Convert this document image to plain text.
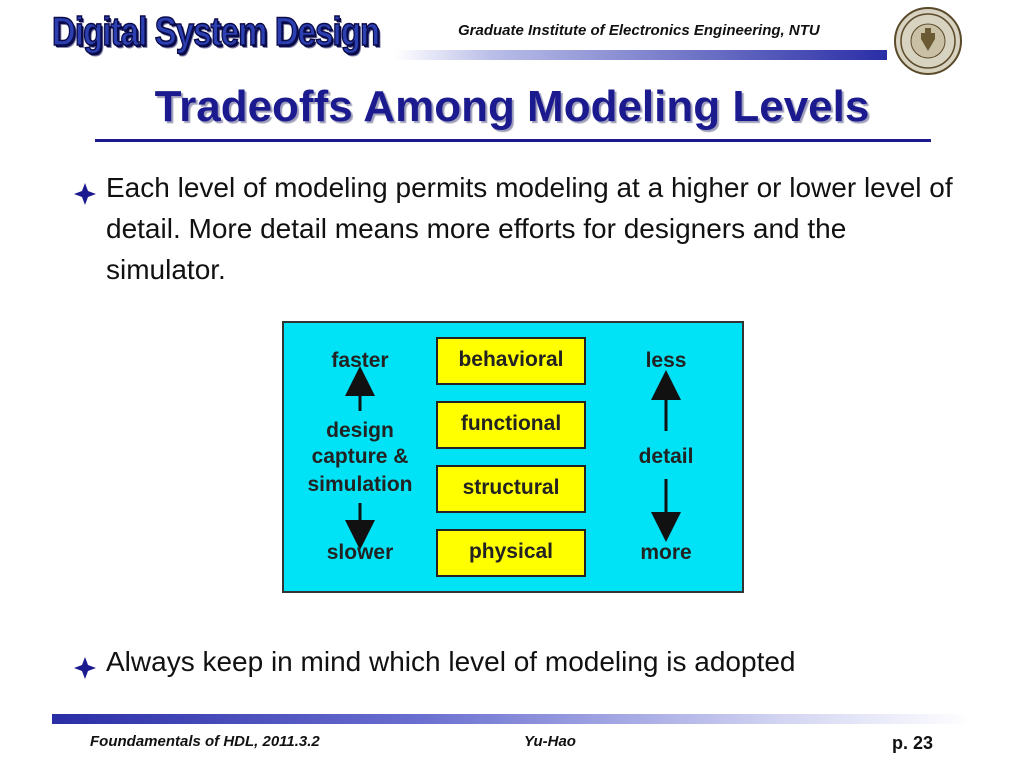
Digital System Design	Graduate Institute of Electronics Engineering, NTU
Tradeoffs Among Modeling Levels
Each level of modeling permits modeling at a higher or lower level of detail. More detail means more efforts for designers and the simulator.
faster
design
capture &
simulation
slower
behavioral
functional
structural
physical
less
detail
more
Always keep in mind which level of modeling is adopted
Foundamentals of HDL, 2011.3.2	Yu-Hao	p. 23
